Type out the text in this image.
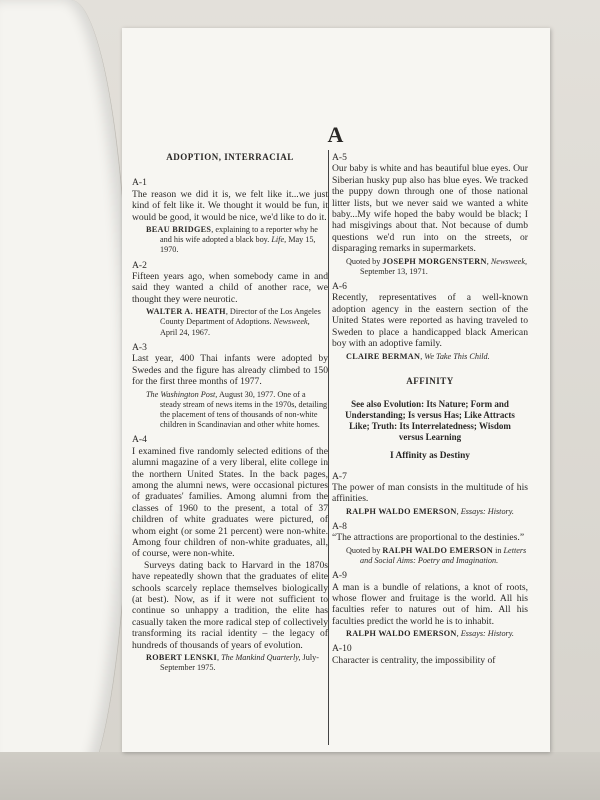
A
ADOPTION, INTERRACIAL
A-1

The reason we did it is, we felt like it...we just kind of felt like it. We thought it would be fun, it would be good, it would be nice, we'd like to do it.

BEAU BRIDGES, explaining to a reporter why he and his wife adopted a black boy. Life, May 15, 1970.
A-2

Fifteen years ago, when somebody came in and said they wanted a child of another race, we thought they were neurotic.

WALTER A. HEATH, Director of the Los Angeles County Department of Adoptions. Newsweek, April 24, 1967.
A-3

Last year, 400 Thai infants were adopted by Swedes and the figure has already climbed to 150 for the first three months of 1977.

The Washington Post, August 30, 1977. One of a steady stream of news items in the 1970s, detailing the placement of tens of thousands of non-white children in Scandinavian and other white homes.
A-4

I examined five randomly selected editions of the alumni magazine of a very liberal, elite college in the northern United States. In the back pages, among the alumni news, were occasional pictures of graduates' families. Among alumni from the classes of 1960 to the present, a total of 37 children of white graduates were pictured, of whom eight (or some 21 percent) were non-white. Among four children of non-white graduates, all, of course, were non-white.

Surveys dating back to Harvard in the 1870s have repeatedly shown that the graduates of elite schools scarcely replace themselves biologically (at best). Now, as if it were not sufficient to continue so unhappy a tradition, the elite has casually taken the more radical step of collectively transforming its racial identity – the legacy of hundreds of thousands of years of evolution.

ROBERT LENSKI, The Mankind Quarterly, July-September 1975.
A-5

Our baby is white and has beautiful blue eyes. Our Siberian husky pup also has blue eyes. We tracked the puppy down through one of those national litter lists, but we never said we wanted a white baby...My wife hoped the baby would be black; I had misgivings about that. Not because of dumb questions we'd run into on the streets, or disparaging remarks in supermarkets.

Quoted by JOSEPH MORGENSTERN, Newsweek, September 13, 1971.
A-6

Recently, representatives of a well-known adoption agency in the eastern section of the United States were reported as having traveled to Sweden to place a handicapped black American boy with an adoptive family.

CLAIRE BERMAN, We Take This Child.
AFFINITY
See also Evolution: Its Nature; Form and Understanding; Is versus Has; Like Attracts Like; Truth: Its Interrelatedness; Wisdom versus Learning
I Affinity as Destiny
A-7

The power of man consists in the multitude of his affinities.

RALPH WALDO EMERSON, Essays: History.
A-8

“The attractions are proportional to the destinies.”

Quoted by RALPH WALDO EMERSON in Letters and Social Aims: Poetry and Imagination.
A-9

A man is a bundle of relations, a knot of roots, whose flower and fruitage is the world. All his faculties refer to natures out of him. All his faculties predict the world he is to inhabit.

RALPH WALDO EMERSON, Essays: History.
A-10

Character is centrality, the impossibility of
